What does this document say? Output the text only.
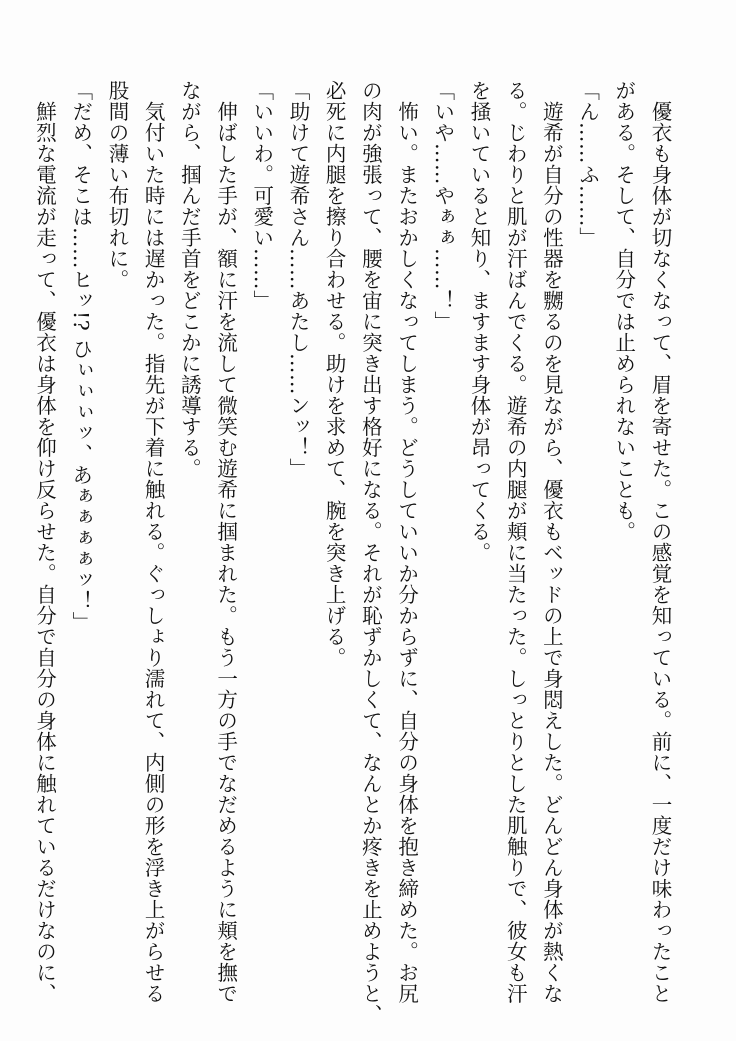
優衣も身体が切なくなって、眉を寄せた。この感覚を知っている。前に、一度だけ味わったこと
がある。そして、自分では止められないことも。
「ん……ふ……」
遊希が自分の性器を嬲るのを見ながら、優衣もベッドの上で身悶えした。どんどん身体が熱くな
る。じわりと肌が汗ばんでくる。遊希の内腿が頬に当たった。しっとりとした肌触りで、彼女も汗
を掻いていると知り、ますます身体が昂ってくる。
「いや……やぁぁ……！」
怖い。またおかしくなってしまう。どうしていいか分からずに、自分の身体を抱き締めた。お尻
の肉が強張って、腰を宙に突き出す格好になる。それが恥ずかしくて、なんとか疼きを止めようと、
必死に内腿を擦り合わせる。助けを求めて、腕を突き上げる。
「助けて遊希さん……あたし……ンッ！」
「いいわ。可愛い……」
伸ばした手が、額に汗を流して微笑む遊希に掴まれた。もう一方の手でなだめるように頬を撫で
ながら、掴んだ手首をどこかに誘導する。
気付いた時には遅かった。指先が下着に触れる。ぐっしょり濡れて、内側の形を浮き上がらせる
股間の薄い布切れに。
「だめ、そこは……ヒッ!? ひぃぃぃッ、あぁぁぁぁッ！」
鮮烈な電流が走って、優衣は身体を仰け反らせた。自分で自分の身体に触れているだけなのに、
